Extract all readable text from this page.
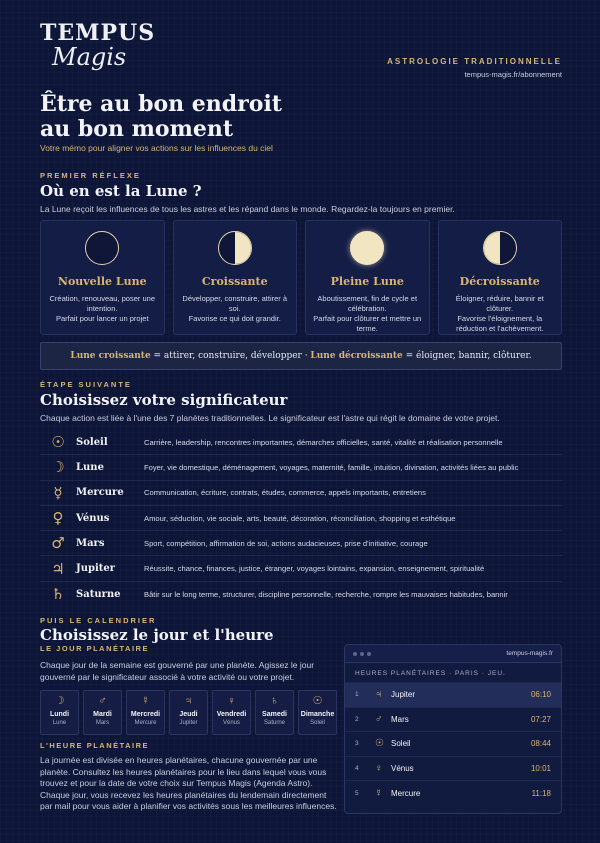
TEMPUS
Magis	ASTROLOGIE TRADITIONNELLE
tempus-magis.fr/abonnement
Être au bon endroit
au bon moment
Votre mémo pour aligner vos actions sur les influences du ciel
PREMIER RÉFLEXE
Où en est la Lune ?
La Lune reçoit les influences de tous les astres et les répand dans le monde. Regardez-la toujours en premier.
Nouvelle Lune
Création, renouveau, poser une intention.
Parfait pour lancer un projet
Croissante
Développer, construire, attirer à soi.
Favorise ce qui doit grandir.
Pleine Lune
Aboutissement, fin de cycle et célébration.
Parfait pour clôturer et mettre un terme.
Décroissante
Éloigner, réduire, bannir et clôturer.
Favorise l'éloignement, la réduction et l'achèvement.
Lune croissante = attirer, construire, développer · Lune décroissante = éloigner, bannir, clôturer.
ÉTAPE SUIVANTE
Choisissez votre significateur
Chaque action est liée à l'une des 7 planètes traditionnelles. Le significateur est l'astre qui régit le domaine de votre projet.
☉	Soleil	Carrière, leadership, rencontres importantes, démarches officielles, santé, vitalité et réalisation personnelle
☽	Lune	Foyer, vie domestique, déménagement, voyages, maternité, famille, intuition, divination, activités liées au public
☿	Mercure	Communication, écriture, contrats, études, commerce, appels importants, entretiens
♀	Vénus	Amour, séduction, vie sociale, arts, beauté, décoration, réconciliation, shopping et esthétique
♂	Mars	Sport, compétition, affirmation de soi, actions audacieuses, prise d'initiative, courage
♃	Jupiter	Réussite, chance, finances, justice, étranger, voyages lointains, expansion, enseignement, spiritualité
♄	Saturne	Bâtir sur le long terme, structurer, discipline personnelle, recherche, rompre les mauvaises habitudes, bannir
PUIS LE CALENDRIER
Choisissez le jour et l'heure
LE JOUR PLANÉTAIRE
Chaque jour de la semaine est gouverné par une planète. Agissez le jour
gouverné par le significateur associé à votre activité ou votre projet.
☽
Lundi
Lune
♂
Mardi
Mars
☿
Mercredi
Mercure
♃
Jeudi
Jupiter
♀
Vendredi
Vénus
♄
Samedi
Saturne
☉
Dimanche
Soleil
L'HEURE PLANÉTAIRE
La journée est divisée en heures planétaires, chacune gouvernée par une
planète. Consultez les heures planétaires pour le lieu dans lequel vous vous
trouvez et pour la date de votre choix sur Tempus Magis (Agenda Astro).
Chaque jour, vous recevez les heures planétaires du lendemain directement
par mail pour vous aider à planifier vos activités sous les meilleures influences.
tempus-magis.fr
HEURES PLANÉTAIRES · PARIS · JEU.
1	♃	Jupiter	06:10
2	♂	Mars	07:27
3	☉ Soleil	08:44
4	♀	Vénus	10:01
5	☿	Mercure	11:18
